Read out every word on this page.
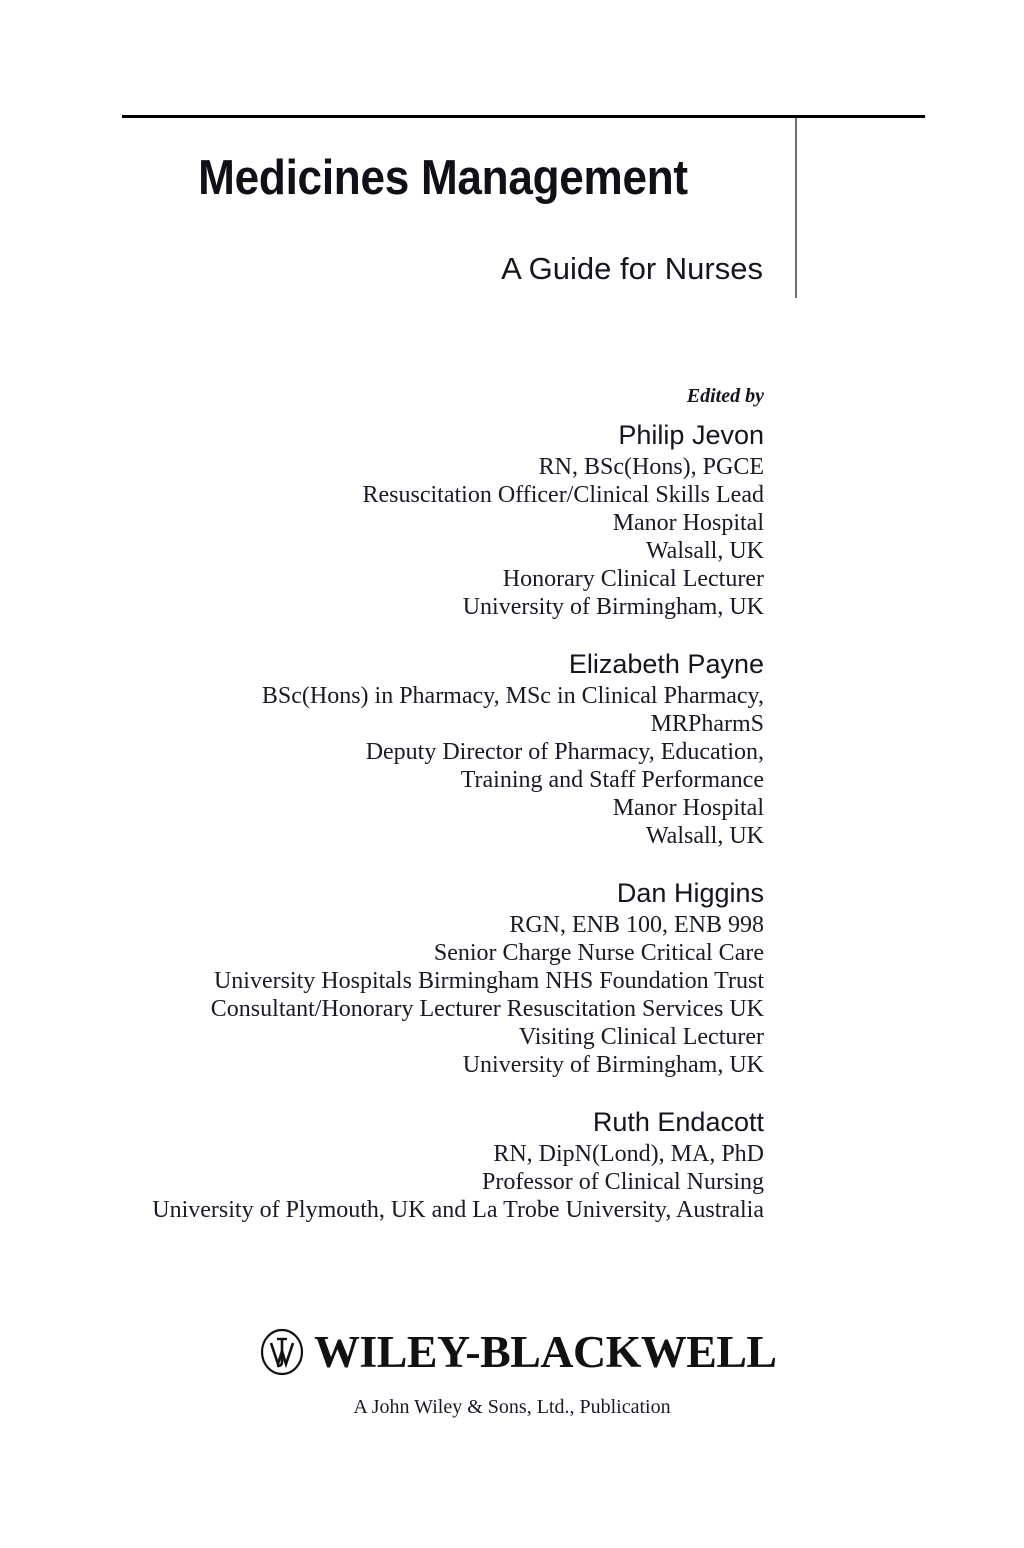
Medicines Management
A Guide for Nurses
Edited by
Philip Jevon
RN, BSc(Hons), PGCE
Resuscitation Officer/Clinical Skills Lead
Manor Hospital
Walsall, UK
Honorary Clinical Lecturer
University of Birmingham, UK
Elizabeth Payne
BSc(Hons) in Pharmacy, MSc in Clinical Pharmacy,
MRPharmS
Deputy Director of Pharmacy, Education,
Training and Staff Performance
Manor Hospital
Walsall, UK
Dan Higgins
RGN, ENB 100, ENB 998
Senior Charge Nurse Critical Care
University Hospitals Birmingham NHS Foundation Trust
Consultant/Honorary Lecturer Resuscitation Services UK
Visiting Clinical Lecturer
University of Birmingham, UK
Ruth Endacott
RN, DipN(Lond), MA, PhD
Professor of Clinical Nursing
University of Plymouth, UK and La Trobe University, Australia
WILEY-BLACKWELL
A John Wiley & Sons, Ltd., Publication
